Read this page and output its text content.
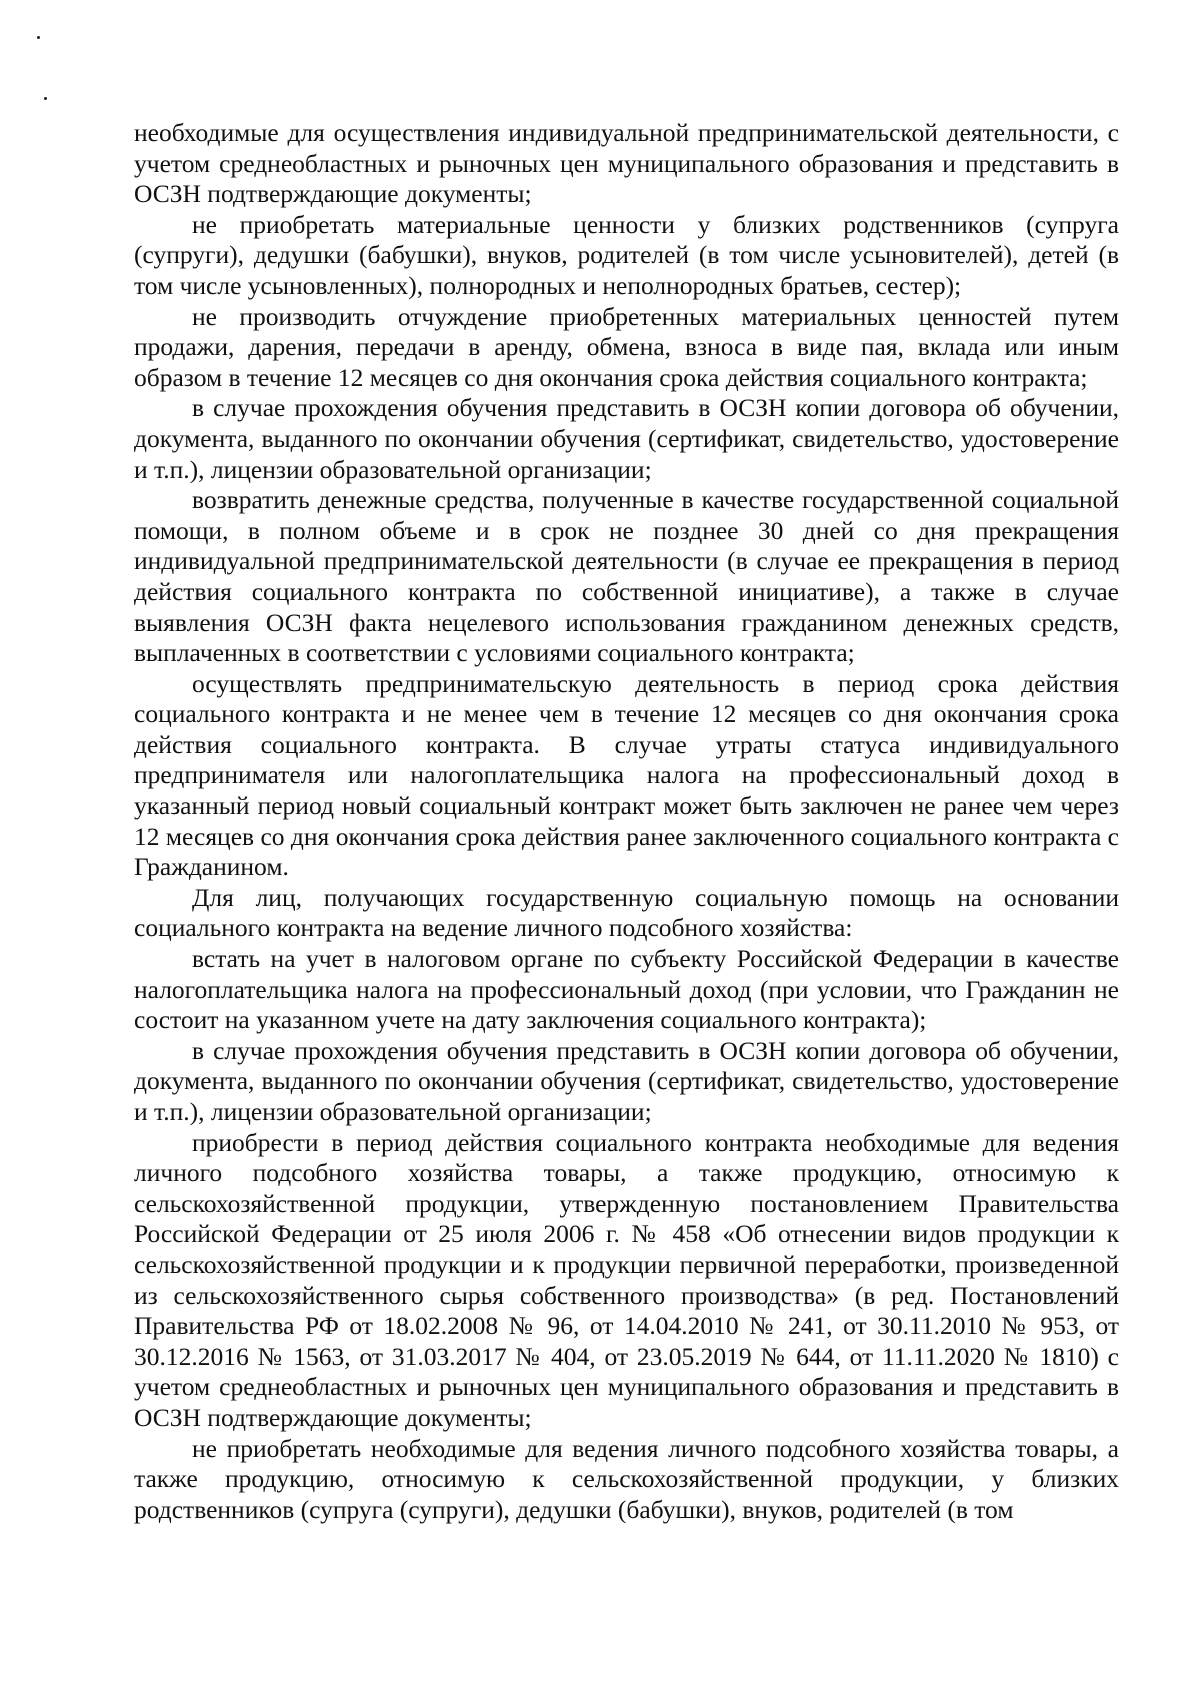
необходимые для осуществления индивидуальной предпринимательской деятельности, с учетом среднеобластных и рыночных цен муниципального образования и представить в ОСЗН подтверждающие документы;

не приобретать материальные ценности у близких родственников (супруга (супруги), дедушки (бабушки), внуков, родителей (в том числе усыновителей), детей (в том числе усыновленных), полнородных и неполнородных братьев, сестер);

не производить отчуждение приобретенных материальных ценностей путем продажи, дарения, передачи в аренду, обмена, взноса в виде пая, вклада или иным образом в течение 12 месяцев со дня окончания срока действия социального контракта;

в случае прохождения обучения представить в ОСЗН копии договора об обучении, документа, выданного по окончании обучения (сертификат, свидетельство, удостоверение и т.п.), лицензии образовательной организации;

возвратить денежные средства, полученные в качестве государственной социальной помощи, в полном объеме и в срок не позднее 30 дней со дня прекращения индивидуальной предпринимательской деятельности (в случае ее прекращения в период действия социального контракта по собственной инициативе), а также в случае выявления ОСЗН факта нецелевого использования гражданином денежных средств, выплаченных в соответствии с условиями социального контракта;

осуществлять предпринимательскую деятельность в период срока действия социального контракта и не менее чем в течение 12 месяцев со дня окончания срока действия социального контракта. В случае утраты статуса индивидуального предпринимателя или налогоплательщика налога на профессиональный доход в указанный период новый социальный контракт может быть заключен не ранее чем через 12 месяцев со дня окончания срока действия ранее заключенного социального контракта с Гражданином.

Для лиц, получающих государственную социальную помощь на основании социального контракта на ведение личного подсобного хозяйства:

встать на учет в налоговом органе по субъекту Российской Федерации в качестве налогоплательщика налога на профессиональный доход (при условии, что Гражданин не состоит на указанном учете на дату заключения социального контракта);

в случае прохождения обучения представить в ОСЗН копии договора об обучении, документа, выданного по окончании обучения (сертификат, свидетельство, удостоверение и т.п.), лицензии образовательной организации;

приобрести в период действия социального контракта необходимые для ведения личного подсобного хозяйства товары, а также продукцию, относимую к сельскохозяйственной продукции, утвержденную постановлением Правительства Российской Федерации от 25 июля 2006 г. № 458 «Об отнесении видов продукции к сельскохозяйственной продукции и к продукции первичной переработки, произведенной из сельскохозяйственного сырья собственного производства» (в ред. Постановлений Правительства РФ от 18.02.2008 № 96, от 14.04.2010 № 241, от 30.11.2010 № 953, от 30.12.2016 № 1563, от 31.03.2017 № 404, от 23.05.2019 № 644, от 11.11.2020 № 1810) с учетом среднеобластных и рыночных цен муниципального образования и представить в ОСЗН подтверждающие документы;

не приобретать необходимые для ведения личного подсобного хозяйства товары, а также продукцию, относимую к сельскохозяйственной продукции, у близких родственников (супруга (супруги), дедушки (бабушки), внуков, родителей (в том
